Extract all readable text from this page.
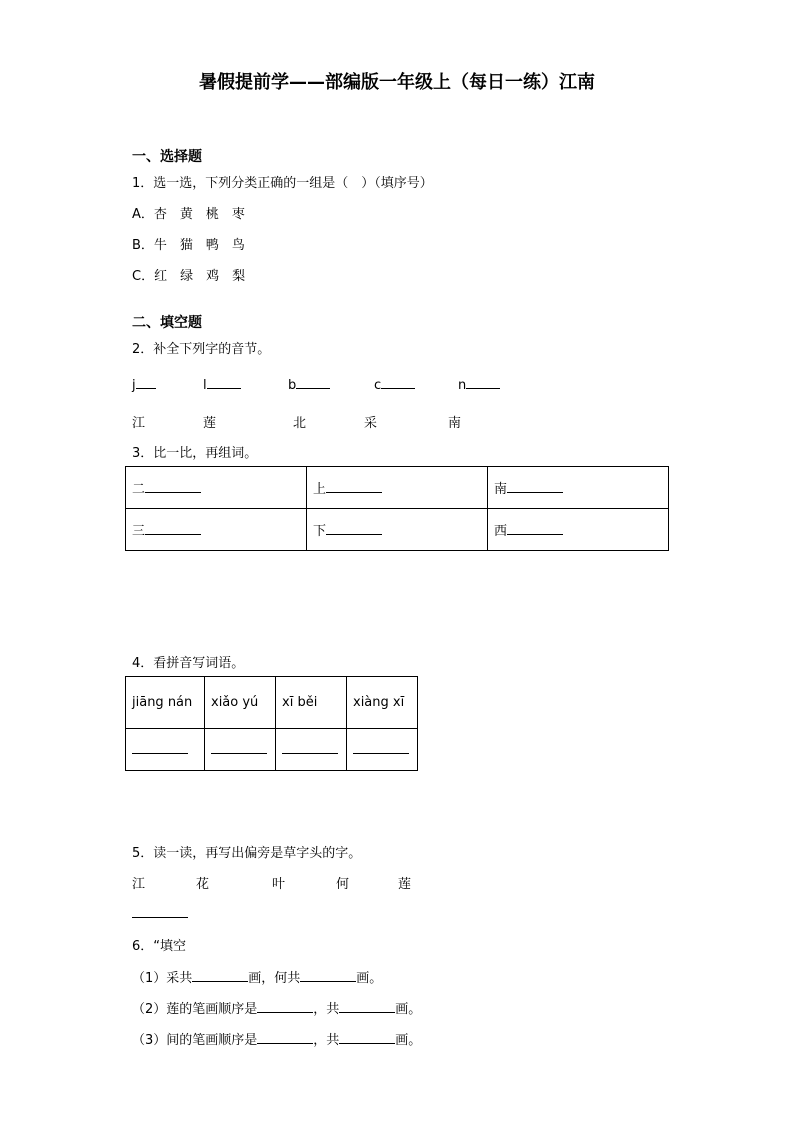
暑假提前学——部编版一年级上（每日一练）江南
一、选择题
1．选一选，下列分类正确的一组是（　）（填序号）
A．杏　黄　桃　枣
B．牛　猫　鸭　鸟
C．红　绿　鸡　梨
二、填空题
2．补全下列字的音节。
j	l	b	c	n
江	莲	北	采	南
3．比一比，再组词。
二	上	南
三	下	西
4．看拼音写词语。
jiāng nán	xiǎo yú	xī běi	xiàng xī

5．读一读，再写出偏旁是草字头的字。
江	花	叶	何	莲
6．“填空
（1）采共	画，何共	画。
（2）莲的笔画顺序是	，共	画。
（3）间的笔画顺序是	，共	画。
